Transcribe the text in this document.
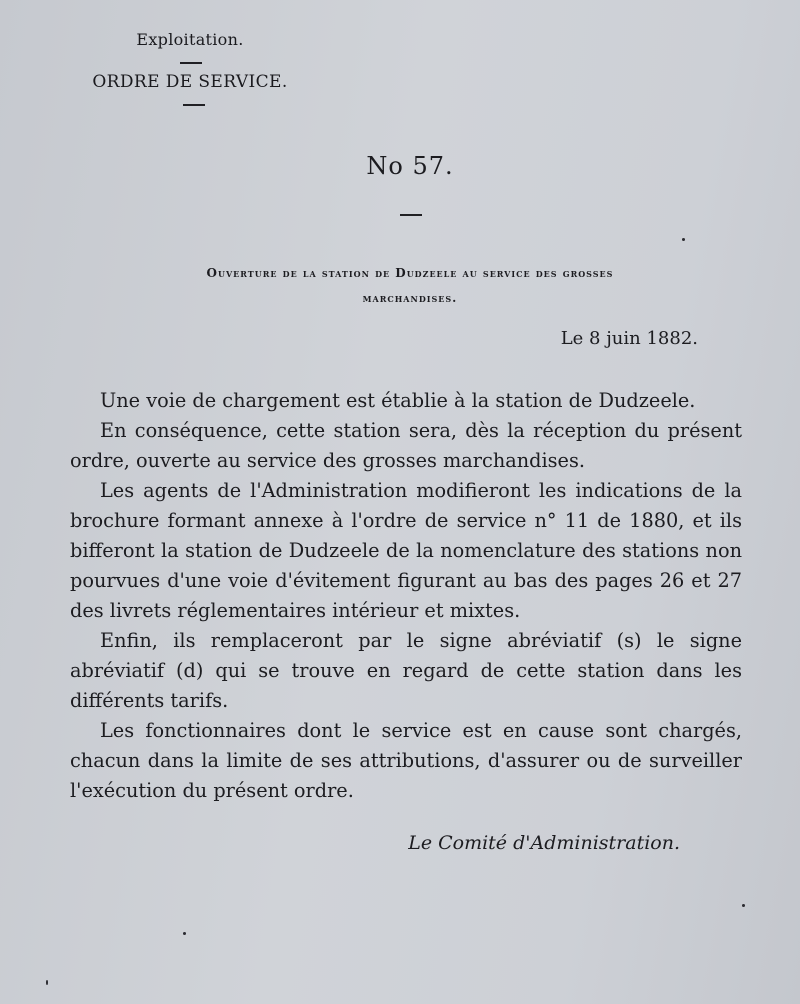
Exploitation.
ORDRE DE SERVICE.
No 57.
Ouverture de la station de Dudzeele au service des grosses
marchandises.
Le 8 juin 1882.

Une voie de chargement est établie à la station de Dudzeele.

En conséquence, cette station sera, dès la réception du présent ordre, ouverte au service des grosses marchandises.

Les agents de l'Administration modifieront les indications de la brochure formant annexe à l'ordre de service n° 11 de 1880, et ils bifferont la station de Dudzeele de la nomenclature des stations non pourvues d'une voie d'évitement figurant au bas des pages 26 et 27 des livrets réglementaires intérieur et mixtes.

Enfin, ils remplaceront par le signe abréviatif (s) le signe abréviatif (d) qui se trouve en regard de cette station dans les différents tarifs.

Les fonctionnaires dont le service est en cause sont chargés, chacun dans la limite de ses attributions, d'assurer ou de surveiller l'exécution du présent ordre.

Le Comité d'Administration.
